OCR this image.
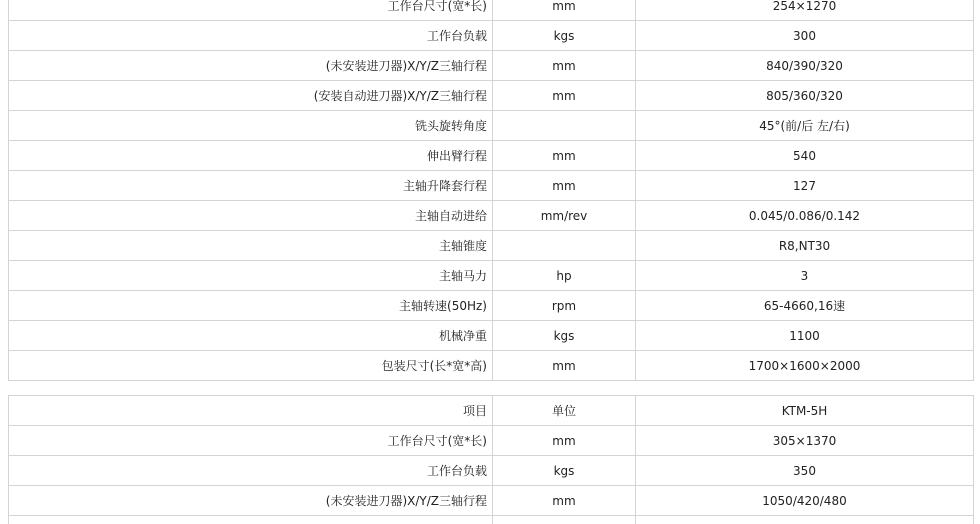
工作台尺寸(宽*长)	mm	254×1270
工作台负载	kgs	300
(未安装进刀器)X/Y/Z三轴行程	mm	840/390/320
(安装自动进刀器)X/Y/Z三轴行程	mm	805/360/320
铣头旋转角度		45°(前/后 左/右)
伸出臂行程	mm	540
主轴升降套行程	mm	127
主轴自动进给	mm/rev	0.045/0.086/0.142
主轴锥度		R8,NT30
主轴马力	hp	3
主轴转速(50Hz)	rpm	65-4660,16速
机械净重	kgs	1100
包装尺寸(长*宽*高)	mm	1700×1600×2000
项目	单位	KTM-5H
工作台尺寸(宽*长)	mm	305×1370
工作台负载	kgs	350
(未安装进刀器)X/Y/Z三轴行程	mm	1050/420/480
